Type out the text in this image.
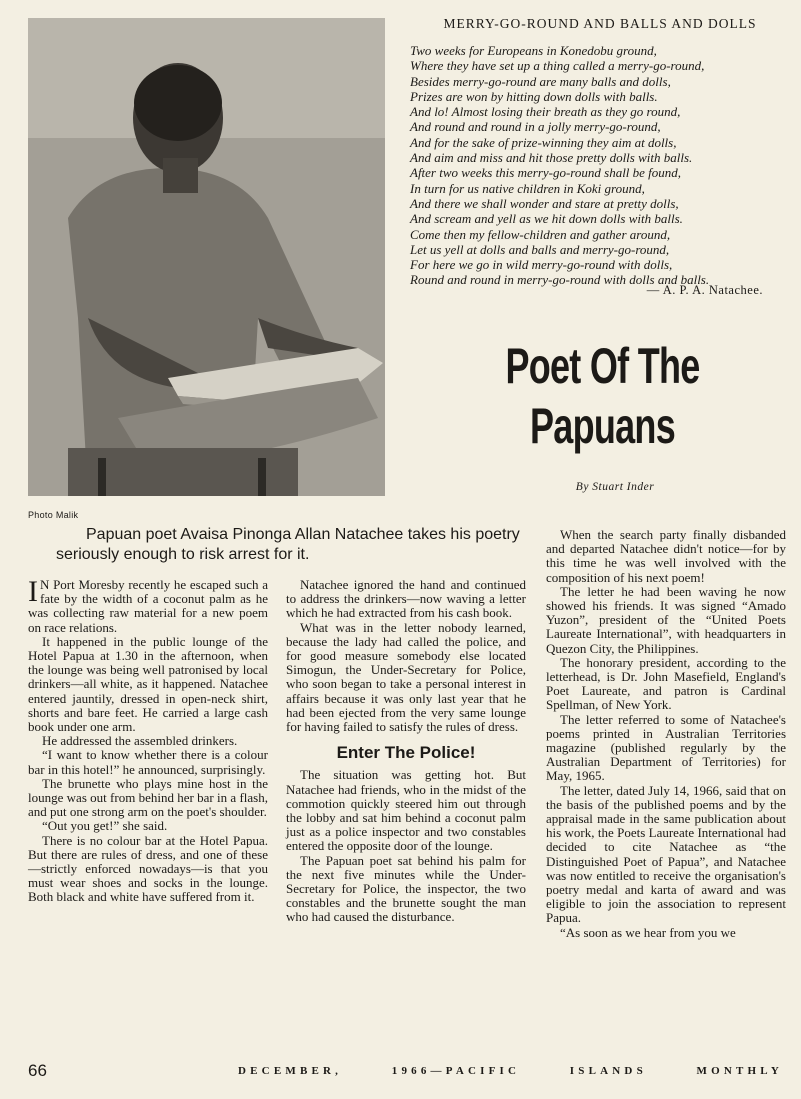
Photo Malik
MERRY-GO-ROUND AND BALLS AND DOLLS
Two weeks for Europeans in Konedobu ground,
Where they have set up a thing called a merry-go-round,
Besides merry-go-round are many balls and dolls,
Prizes are won by hitting down dolls with balls.
And lo! Almost losing their breath as they go round,
And round and round in a jolly merry-go-round,
And for the sake of prize-winning they aim at dolls,
And aim and miss and hit those pretty dolls with balls.
After two weeks this merry-go-round shall be found,
In turn for us native children in Koki ground,
And there we shall wonder and stare at pretty dolls,
And scream and yell as we hit down dolls with balls.
Come then my fellow-children and gather around,
Let us yell at dolls and balls and merry-go-round,
For here we go in wild merry-go-round with dolls,
Round and round in merry-go-round with dolls and balls.
— A. P. A. Natachee.
Poet Of The
Papuans
By Stuart Inder
Papuan poet Avaisa Pinonga Allan Natachee takes his poetry seriously enough to risk arrest for it.

I N Port Moresby recently he escaped such a fate by the width of a coconut palm as he was collecting raw material for a new poem on race relations.

It happened in the public lounge of the Hotel Papua at 1.30 in the afternoon, when the lounge was being well patronised by local drinkers—all white, as it happened. Natachee entered jauntily, dressed in open-neck shirt, shorts and bare feet. He carried a large cash book under one arm.

He addressed the assembled drinkers.

“I want to know whether there is a colour bar in this hotel!” he announced, surprisingly.

The brunette who plays mine host in the lounge was out from behind her bar in a flash, and put one strong arm on the poet's shoulder.

“Out you get!” she said.

There is no colour bar at the Hotel Papua. But there are rules of dress, and one of these—strictly enforced nowadays—is that you must wear shoes and socks in the lounge. Both black and white have suffered from it.

Natachee ignored the hand and continued to address the drinkers—now waving a letter which he had extracted from his cash book.

What was in the letter nobody learned, because the lady had called the police, and for good measure somebody else located Simogun, the Under-Secretary for Police, who soon began to take a personal interest in affairs because it was only last year that he had been ejected from the very same lounge for having failed to satisfy the rules of dress.

Enter The Police!

The situation was getting hot. But Natachee had friends, who in the midst of the commotion quickly steered him out through the lobby and sat him behind a coconut palm just as a police inspector and two constables entered the opposite door of the lounge.

The Papuan poet sat behind his palm for the next five minutes while the Under-Secretary for Police, the inspector, the two constables and the brunette sought the man who had caused the disturbance.

When the search party finally disbanded and departed Natachee didn't notice—for by this time he was well involved with the composition of his next poem!

The letter he had been waving he now showed his friends. It was signed “Amado Yuzon”, president of the “United Poets Laureate International”, with headquarters in Quezon City, the Philippines.

The honorary president, according to the letterhead, is Dr. John Masefield, England's Poet Laureate, and patron is Cardinal Spellman, of New York.

The letter referred to some of Natachee's poems printed in Australian Territories magazine (published regularly by the Australian Department of Territories) for May, 1965.

The letter, dated July 14, 1966, said that on the basis of the published poems and by the appraisal made in the same publication about his work, the Poets Laureate International had decided to cite Natachee as “the Distinguished Poet of Papua”, and Natachee was now entitled to receive the organisation's poetry medal and karta of award and was eligible to join the association to represent Papua.

“As soon as we hear from you we

66	DECEMBER,	1966—PACIFIC	ISLANDS	MONTHLY
